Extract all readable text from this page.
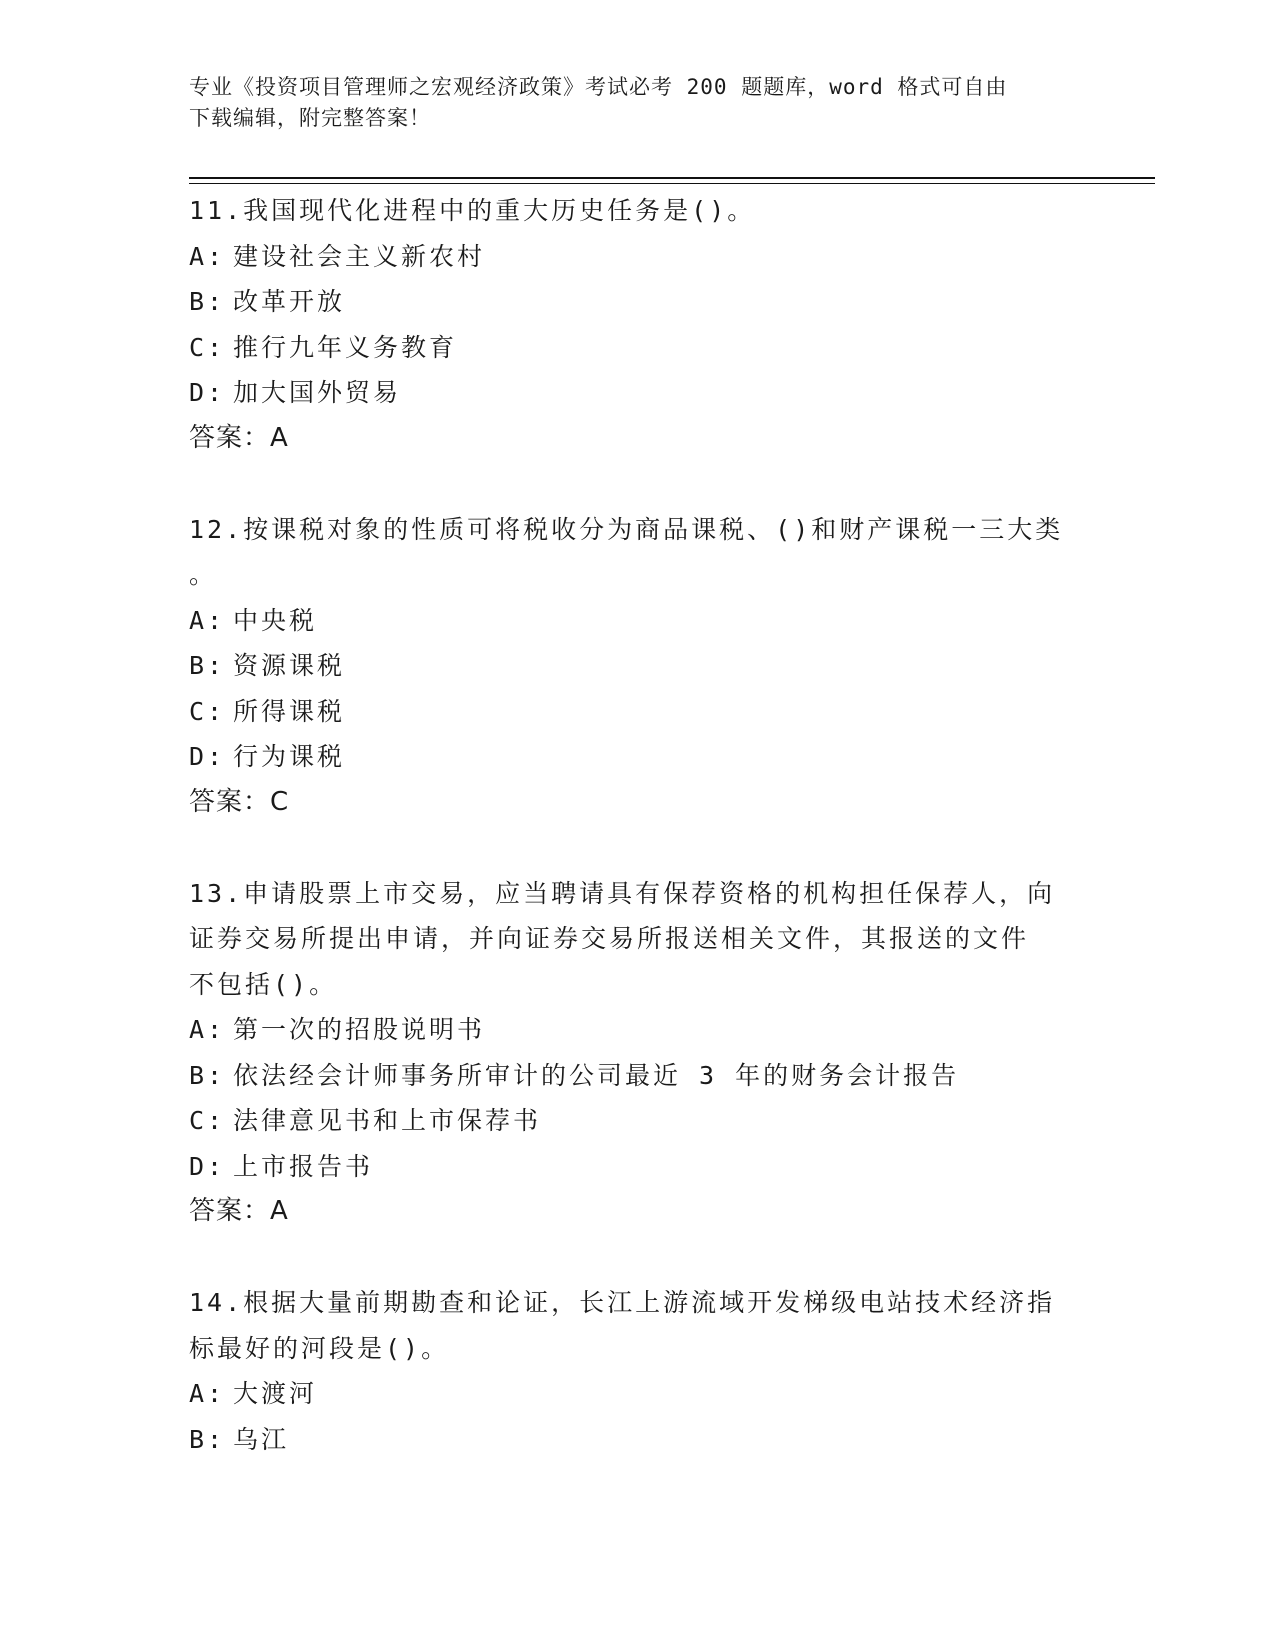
专业《投资项目管理师之宏观经济政策》考试必考 200 题题库，word 格式可自由
下载编辑，附完整答案！

11.我国现代化进程中的重大历史任务是()。

A: 建设社会主义新农村

B: 改革开放

C: 推行九年义务教育

D: 加大国外贸易

答案：A

12.按课税对象的性质可将税收分为商品课税、()和财产课税一三大类

。

A: 中央税

B: 资源课税

C: 所得课税

D: 行为课税

答案：C

13.申请股票上市交易，应当聘请具有保荐资格的机构担任保荐人，向

证券交易所提出申请，并向证券交易所报送相关文件，其报送的文件

不包括()。

A: 第一次的招股说明书

B: 依法经会计师事务所审计的公司最近 3 年的财务会计报告

C: 法律意见书和上市保荐书

D: 上市报告书

答案：A

14.根据大量前期勘查和论证，长江上游流域开发梯级电站技术经济指

标最好的河段是()。

A: 大渡河

B: 乌江
